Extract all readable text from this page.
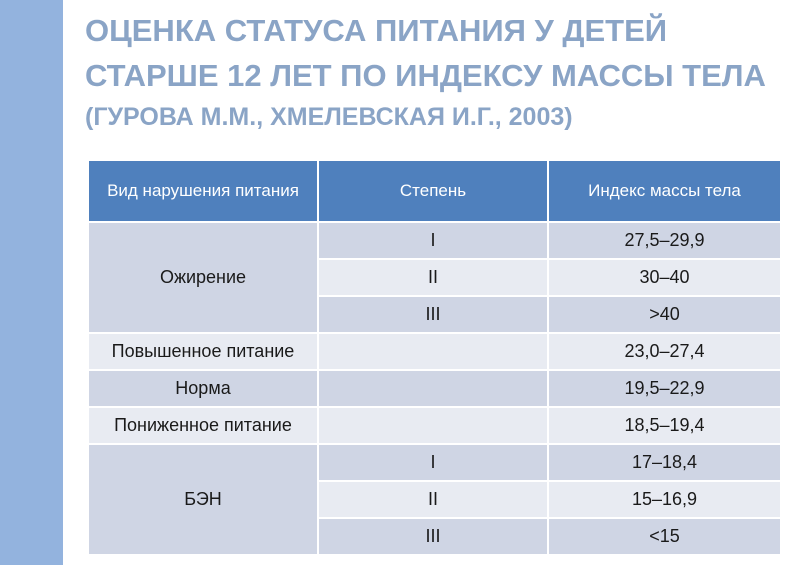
ОЦЕНКА СТАТУСА ПИТАНИЯ У ДЕТЕЙ
СТАРШЕ 12 ЛЕТ ПО ИНДЕКСУ МАССЫ ТЕЛА
(ГУРОВА М.М., ХМЕЛЕВСКАЯ И.Г., 2003)
Вид нарушения питания	Степень	Индекс массы тела
Ожирение	I	27,5–29,9
	II	30–40
	III	>40
Повышенное питание		23,0–27,4
Норма		19,5–22,9
Пониженное питание		18,5–19,4
БЭН	I	17–18,4
	II	15–16,9
	III	<15
